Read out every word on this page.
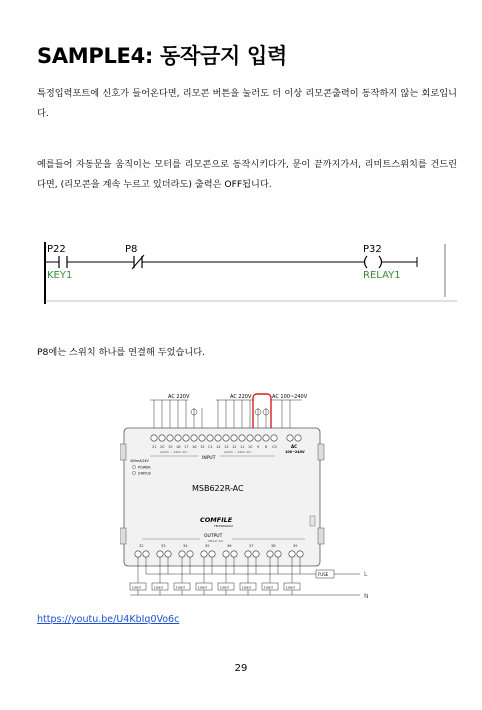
SAMPLE4: 동작금지 입력
특정입력포트에 신호가 들어온다면, 리모콘 버튼을 눌러도 더 이상 리모콘출력이 동작하지 않는 회로입니다.
예를들어 자동문을 움직이는 모터를 리모콘으로 동작시키다가, 문이 끝까지가서, 리미트스위치를 건드린다면, (리모콘을 계속 누르고 있더라도) 출력은 OFF됩니다.
P22
KEY1
P8	P32
RELAY1
P8에는 스위치 하나를 연결해 두었습니다.
AC 220V	AC 220V	AC 100~240V
21 20 19 18 17 16 15 C1 14 13 12 11 10 9 8 C0	AC
100~240V
(220V ~ 240V AC)	(220V ~ 240V AC)
INPUT
400mA/24V
POWER
STATUS
MSB622R-AC
COMFILE
TECHNOLOGY
OUTPUT
(RELAY 5A)
32	33	34	35	36	37	38	39
Load	Load	Load	Load	Load	Load	Load	Load
FUSE	L
N
https://youtu.be/U4KbIq0Vo6c
29
